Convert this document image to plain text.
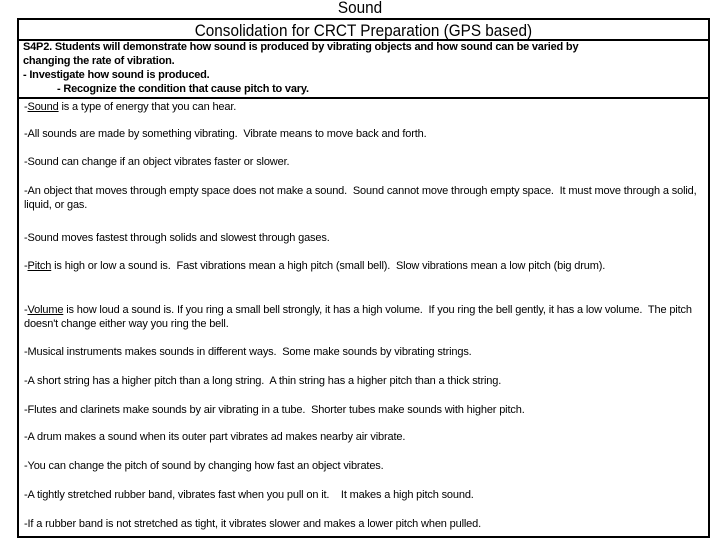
Sound
Consolidation for CRCT Preparation (GPS based)
S4P2. Students will demonstrate how sound is produced by vibrating objects and how sound can be varied by
changing the rate of vibration.
- Investigate how sound is produced.
- Recognize the condition that cause pitch to vary.
-Sound is a type of energy that you can hear.
-All sounds are made by something vibrating.  Vibrate means to move back and forth.
-Sound can change if an object vibrates faster or slower.
-An object that moves through empty space does not make a sound.  Sound cannot move through empty space.  It must move through a solid, liquid, or gas.
-Sound moves fastest through solids and slowest through gases.
-Pitch is high or low a sound is.  Fast vibrations mean a high pitch (small bell).  Slow vibrations mean a low pitch (big drum).
-Volume is how loud a sound is. If you ring a small bell strongly, it has a high volume.  If you ring the bell gently, it has a low volume.  The pitch doesn't change either way you ring the bell.
-Musical instruments makes sounds in different ways.  Some make sounds by vibrating strings.
-A short string has a higher pitch than a long string.  A thin string has a higher pitch than a thick string.
-Flutes and clarinets make sounds by air vibrating in a tube.  Shorter tubes make sounds with higher pitch.
-A drum makes a sound when its outer part vibrates ad makes nearby air vibrate.
-You can change the pitch of sound by changing how fast an object vibrates.
-A tightly stretched rubber band, vibrates fast when you pull on it.    It makes a high pitch sound.
-If a rubber band is not stretched as tight, it vibrates slower and makes a lower pitch when pulled.
